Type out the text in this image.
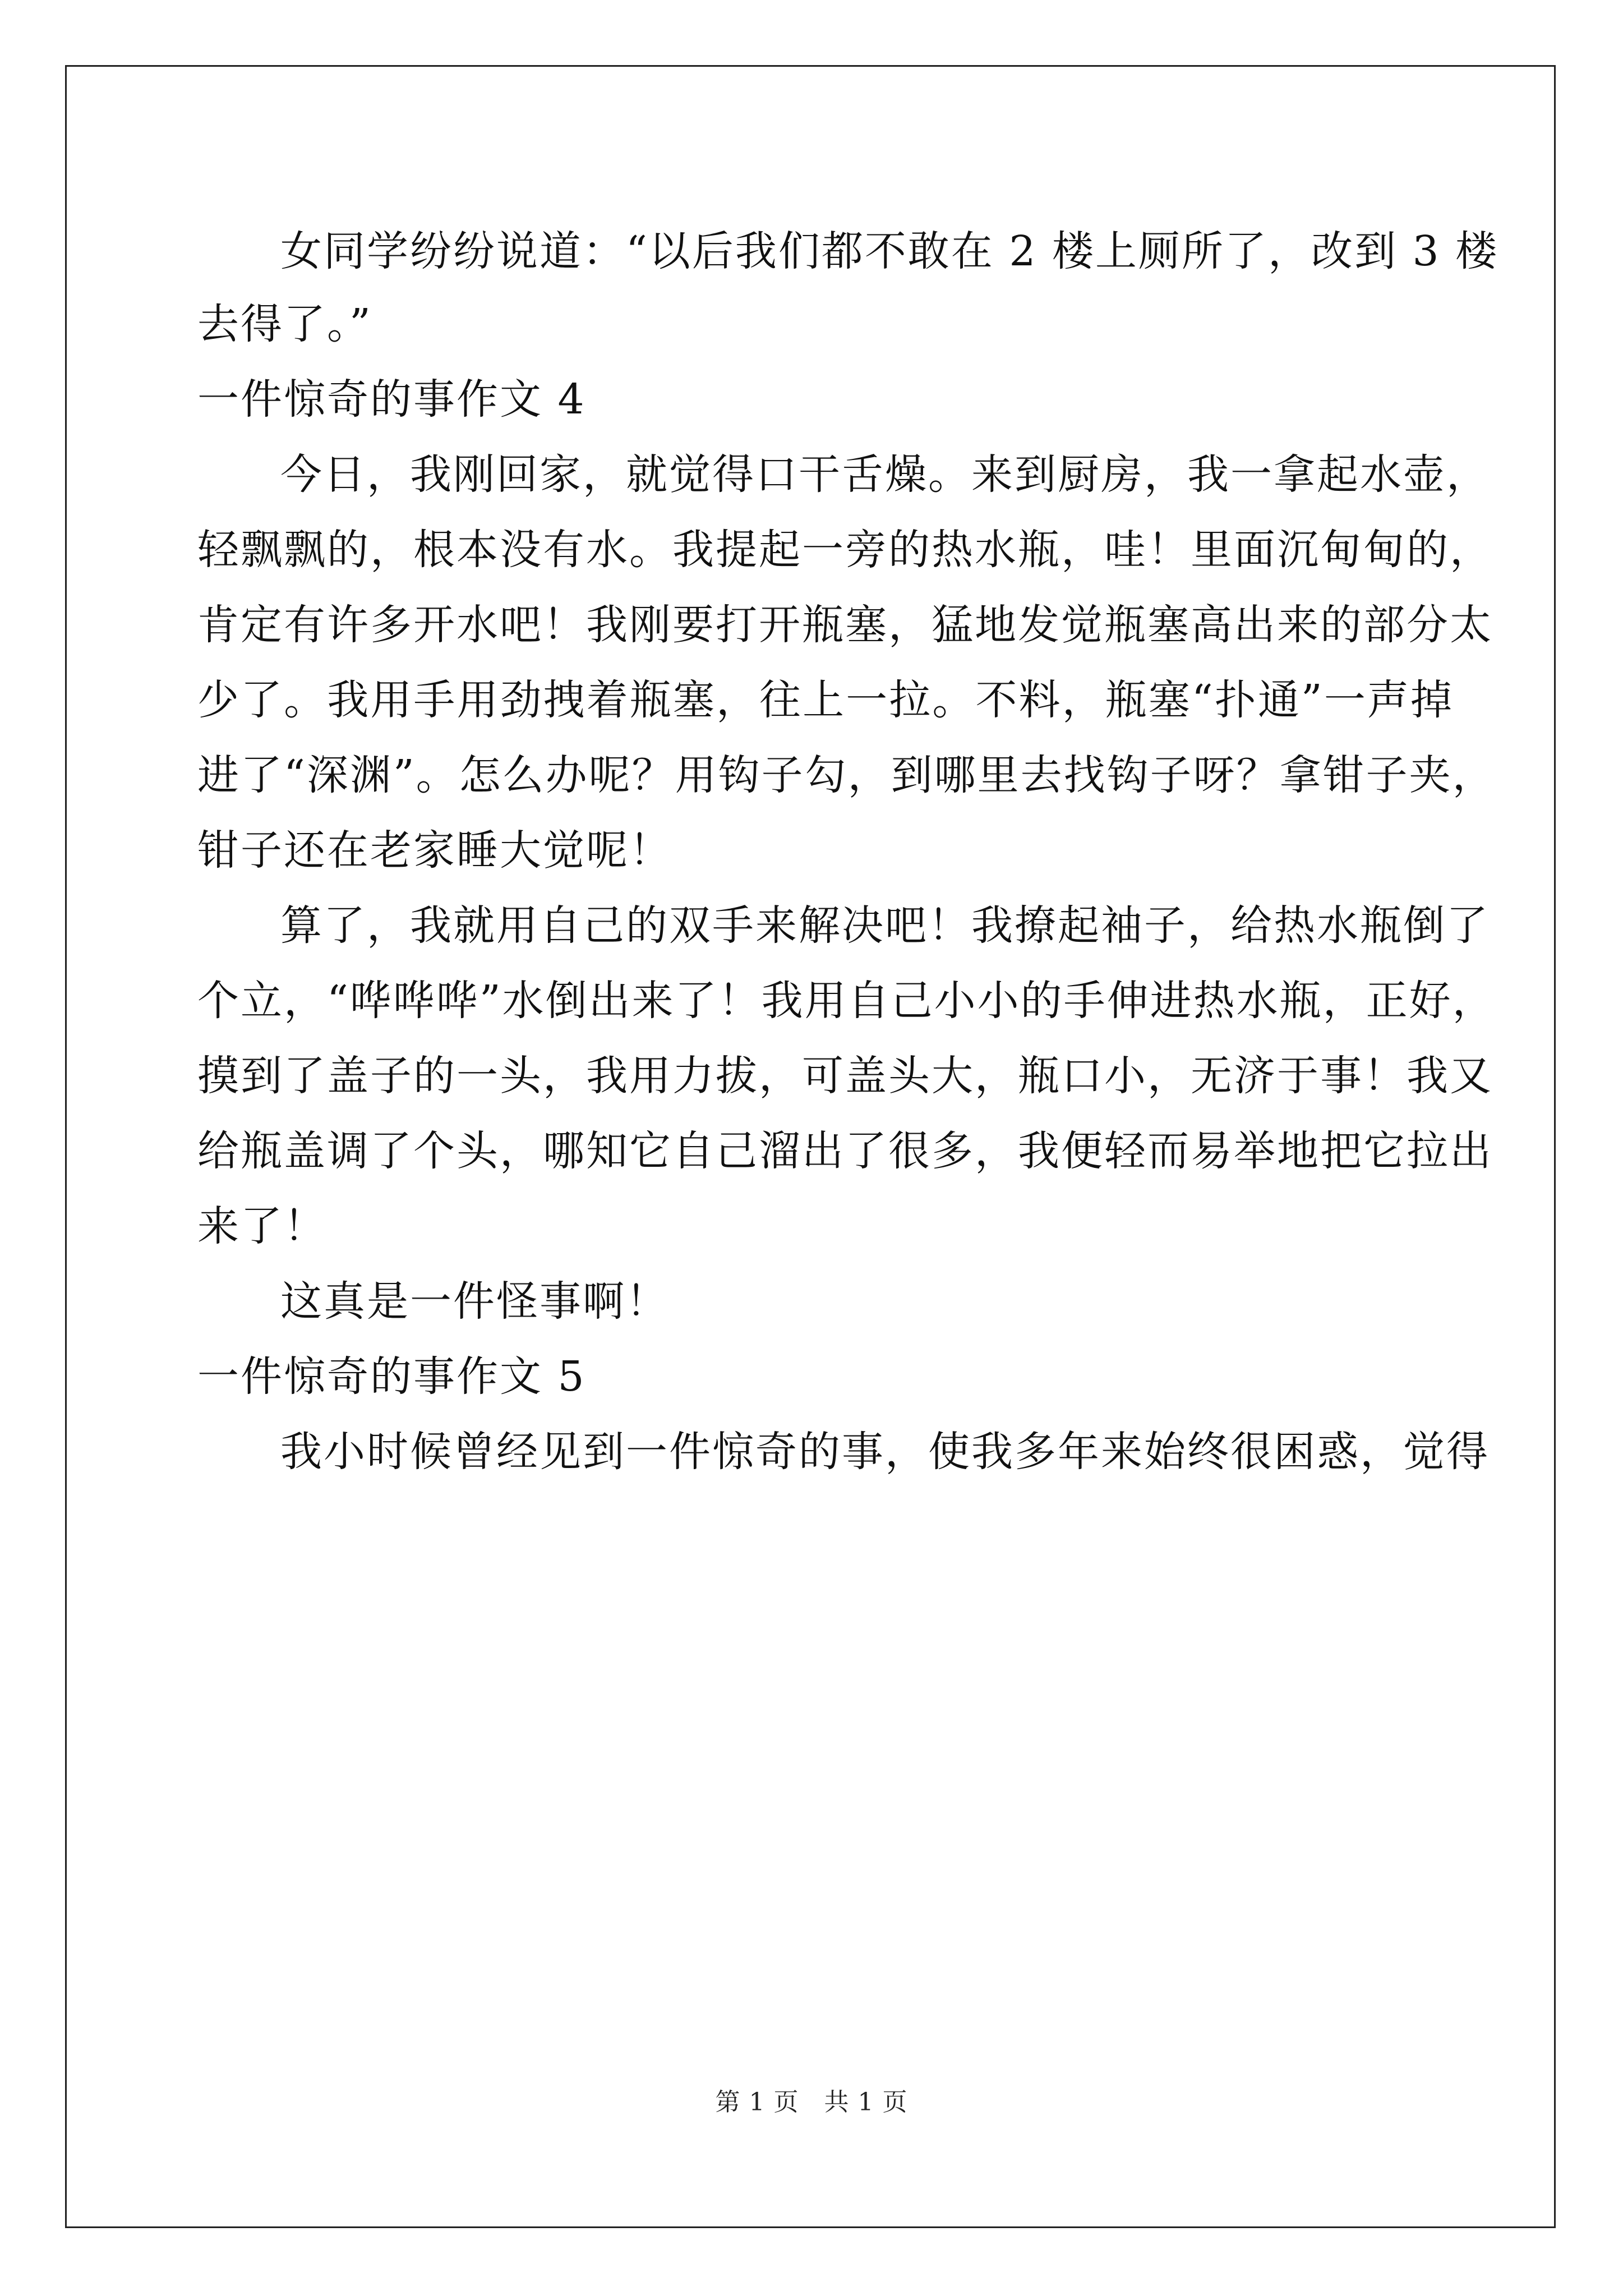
女同学纷纷说道：“以后我们都不敢在 2 楼上厕所了，改到 3 楼
去得了。”
一件惊奇的事作文 4
今日，我刚回家，就觉得口干舌燥。来到厨房，我一拿起水壶，
轻飘飘的，根本没有水。我提起一旁的热水瓶，哇！里面沉甸甸的，
肯定有许多开水吧！我刚要打开瓶塞，猛地发觉瓶塞高出来的部分太
少了。我用手用劲拽着瓶塞，往上一拉。不料，瓶塞“扑通”一声掉
进了“深渊”。怎么办呢？用钩子勾，到哪里去找钩子呀？拿钳子夹，
钳子还在老家睡大觉呢！
算了，我就用自己的双手来解决吧！我撩起袖子，给热水瓶倒了
个立，“哗哗哗”水倒出来了！我用自己小小的手伸进热水瓶，正好，
摸到了盖子的一头，我用力拔，可盖头大，瓶口小，无济于事！我又
给瓶盖调了个头，哪知它自己溜出了很多，我便轻而易举地把它拉出
来了！
这真是一件怪事啊！
一件惊奇的事作文 5
我小时候曾经见到一件惊奇的事，使我多年来始终很困惑，觉得
第 1 页　共 1 页
